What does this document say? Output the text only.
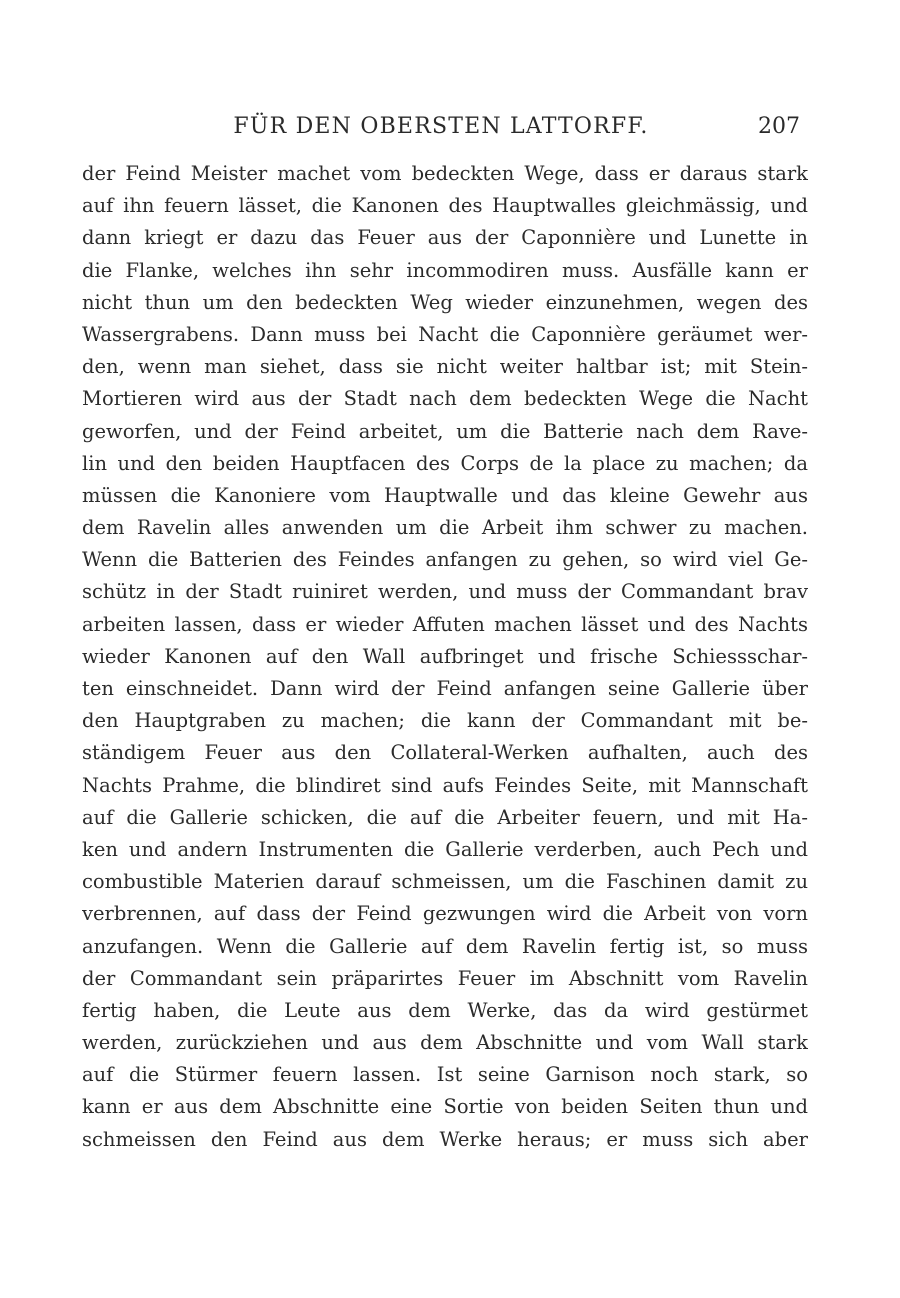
FÜR DEN OBERSTEN LATTORFF.	207
der Feind Meister machet vom bedeckten Wege, dass er daraus stark
auf ihn feuern lässet, die Kanonen des Hauptwalles gleichmässig, und
dann kriegt er dazu das Feuer aus der Caponnière und Lunette in
die Flanke, welches ihn sehr incommodiren muss. Ausfälle kann er
nicht thun um den bedeckten Weg wieder einzunehmen, wegen des
Wassergrabens. Dann muss bei Nacht die Caponnière geräumet wer-
den, wenn man siehet, dass sie nicht weiter haltbar ist; mit Stein-
Mortieren wird aus der Stadt nach dem bedeckten Wege die Nacht
geworfen, und der Feind arbeitet, um die Batterie nach dem Rave-
lin und den beiden Hauptfacen des Corps de la place zu machen; da
müssen die Kanoniere vom Hauptwalle und das kleine Gewehr aus
dem Ravelin alles anwenden um die Arbeit ihm schwer zu machen.
Wenn die Batterien des Feindes anfangen zu gehen, so wird viel Ge-
schütz in der Stadt ruiniret werden, und muss der Commandant brav
arbeiten lassen, dass er wieder Affuten machen lässet und des Nachts
wieder Kanonen auf den Wall aufbringet und frische Schiessschar-
ten einschneidet. Dann wird der Feind anfangen seine Gallerie über
den Hauptgraben zu machen; die kann der Commandant mit be-
ständigem Feuer aus den Collateral-Werken aufhalten, auch des
Nachts Prahme, die blindiret sind aufs Feindes Seite, mit Mannschaft
auf die Gallerie schicken, die auf die Arbeiter feuern, und mit Ha-
ken und andern Instrumenten die Gallerie verderben, auch Pech und
combustible Materien darauf schmeissen, um die Faschinen damit zu
verbrennen, auf dass der Feind gezwungen wird die Arbeit von vorn
anzufangen. Wenn die Gallerie auf dem Ravelin fertig ist, so muss
der Commandant sein präparirtes Feuer im Abschnitt vom Ravelin
fertig haben, die Leute aus dem Werke, das da wird gestürmet
werden, zurückziehen und aus dem Abschnitte und vom Wall stark
auf die Stürmer feuern lassen. Ist seine Garnison noch stark, so
kann er aus dem Abschnitte eine Sortie von beiden Seiten thun und
schmeissen den Feind aus dem Werke heraus; er muss sich aber
